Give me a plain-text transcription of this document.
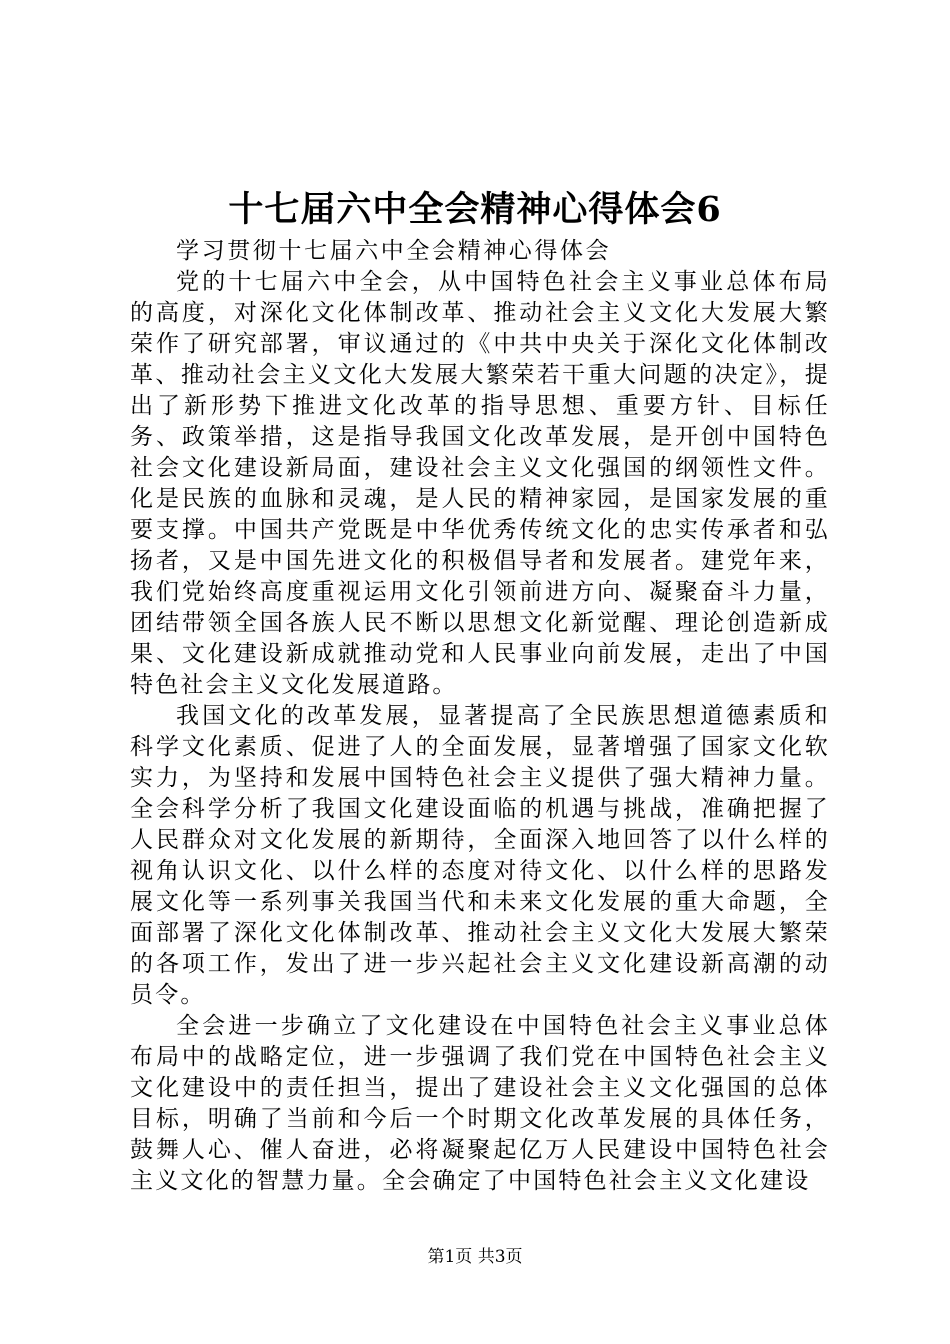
十七届六中全会精神心得体会6

学习贯彻十七届六中全会精神心得体会

党的十七届六中全会，从中国特色社会主义事业总体布局的高度，对深化文化体制改革、推动社会主义文化大发展大繁荣作了研究部署，审议通过的《中共中央关于深化文化体制改革、推动社会主义文化大发展大繁荣若干重大问题的决定》，提出了新形势下推进文化改革的指导思想、重要方针、目标任务、政策举措，这是指导我国文化改革发展，是开创中国特色社会文化建设新局面，建设社会主义文化强国的纲领性文件。化是民族的血脉和灵魂，是人民的精神家园，是国家发展的重要支撑。中国共产党既是中华优秀传统文化的忠实传承者和弘扬者，又是中国先进文化的积极倡导者和发展者。建党年来，我们党始终高度重视运用文化引领前进方向、凝聚奋斗力量，团结带领全国各族人民不断以思想文化新觉醒、理论创造新成果、文化建设新成就推动党和人民事业向前发展，走出了中国特色社会主义文化发展道路。

我国文化的改革发展，显著提高了全民族思想道德素质和科学文化素质、促进了人的全面发展，显著增强了国家文化软实力，为坚持和发展中国特色社会主义提供了强大精神力量。全会科学分析了我国文化建设面临的机遇与挑战，准确把握了人民群众对文化发展的新期待，全面深入地回答了以什么样的视角认识文化、以什么样的态度对待文化、以什么样的思路发展文化等一系列事关我国当代和未来文化发展的重大命题，全面部署了深化文化体制改革、推动社会主义文化大发展大繁荣的各项工作，发出了进一步兴起社会主义文化建设新高潮的动员令。

全会进一步确立了文化建设在中国特色社会主义事业总体布局中的战略定位，进一步强调了我们党在中国特色社会主义文化建设中的责任担当，提出了建设社会主义文化强国的总体目标，明确了当前和今后一个时期文化改革发展的具体任务，鼓舞人心、催人奋进，必将凝聚起亿万人民建设中国特色社会主义文化的智慧力量。全会确定了中国特色社会主义文化建设

第1页 共3页
